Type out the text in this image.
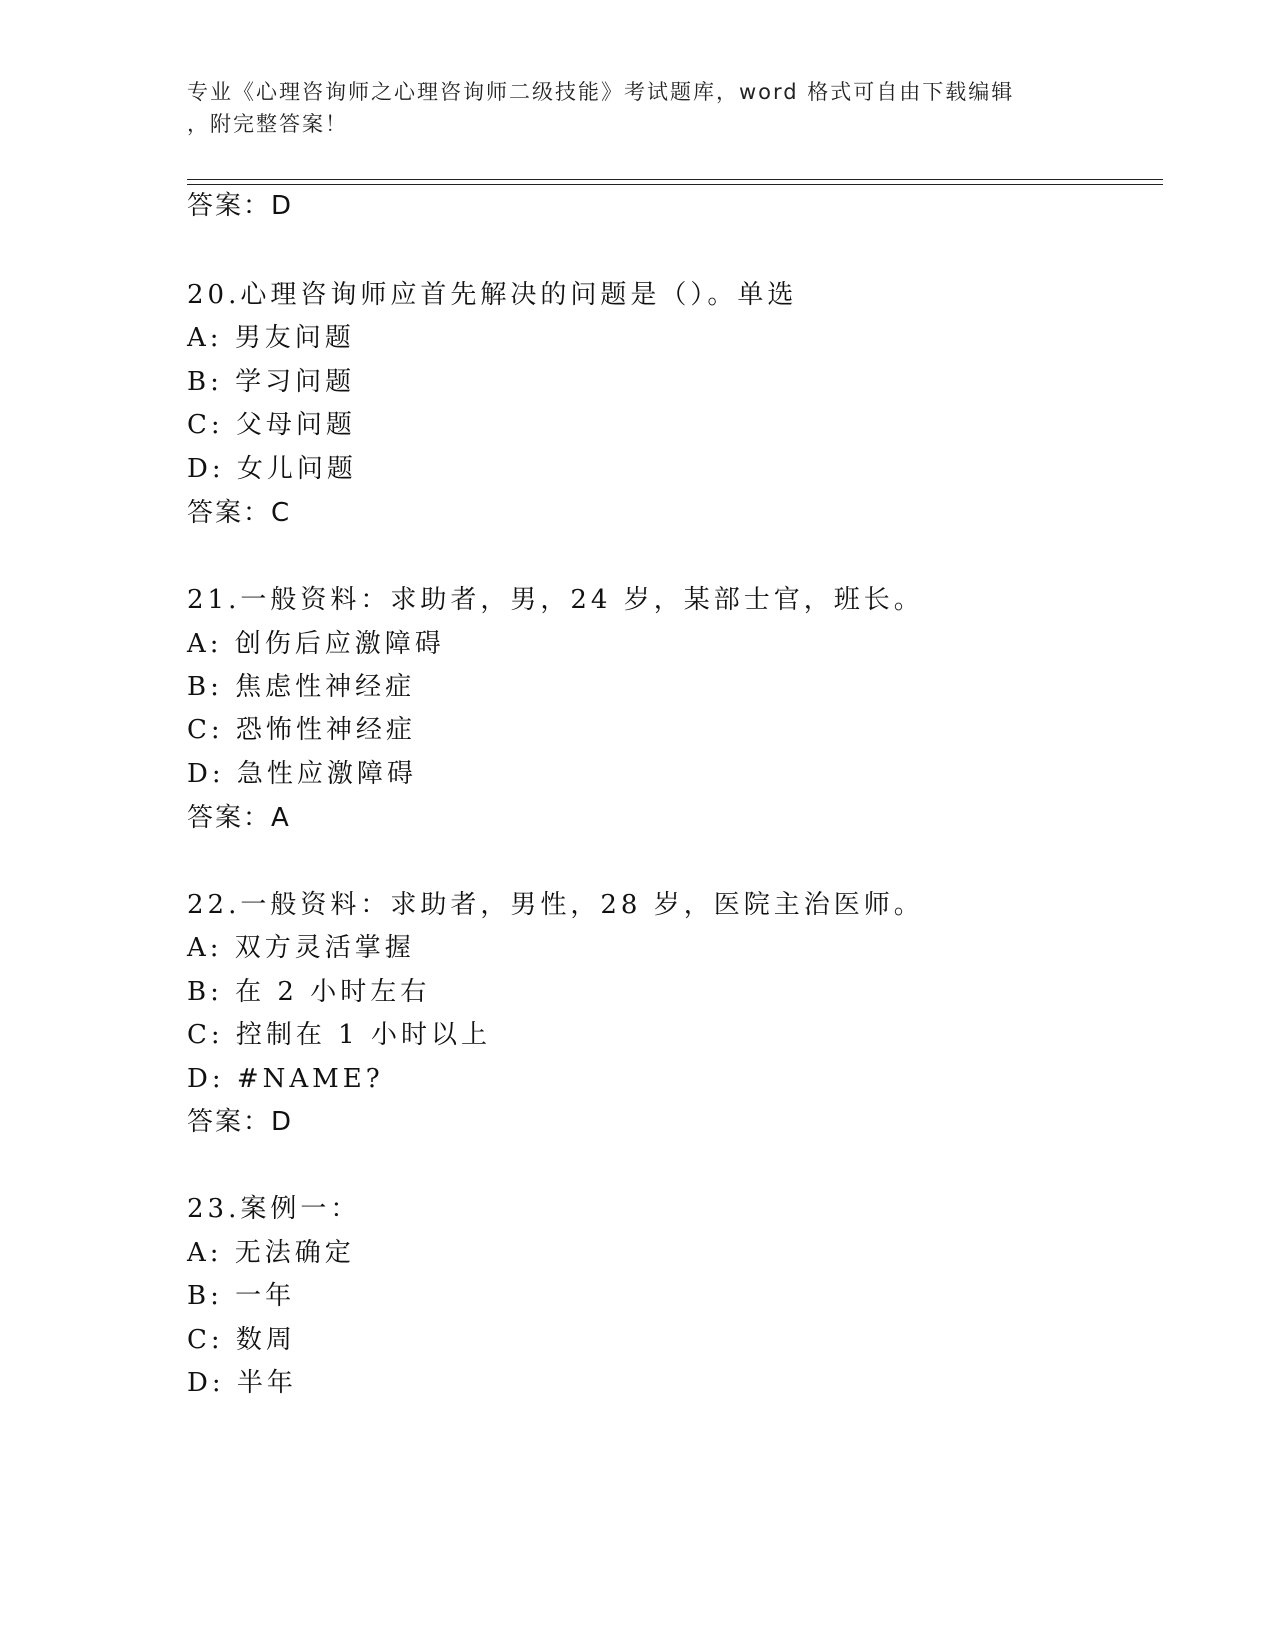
专业《心理咨询师之心理咨询师二级技能》考试题库，word 格式可自由下载编辑
，附完整答案！
答案：D
20.心理咨询师应首先解决的问题是（）。单选
A: 男友问题
B: 学习问题
C: 父母问题
D: 女儿问题
答案：C
21.一般资料：求助者，男，24 岁，某部士官，班长。
A: 创伤后应激障碍
B: 焦虑性神经症
C: 恐怖性神经症
D: 急性应激障碍
答案：A
22.一般资料：求助者，男性，28 岁，医院主治医师。
A: 双方灵活掌握
B: 在 2 小时左右
C: 控制在 1 小时以上
D: #NAME?
答案：D
23.案例一：
A: 无法确定
B: 一年
C: 数周
D: 半年
